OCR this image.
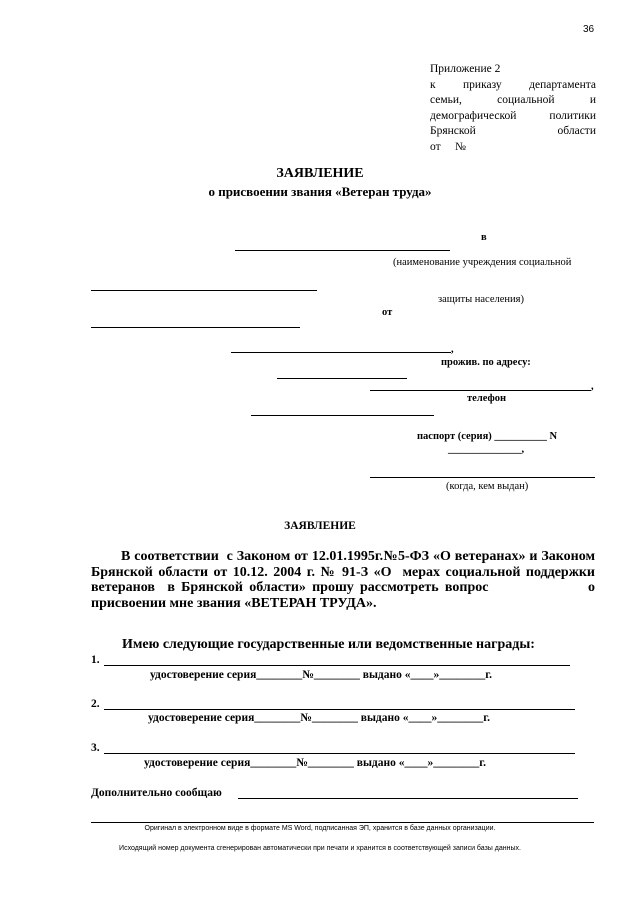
36
Приложение 2
к приказу департамента
семьи,	социальной	и
демографической	политики
Брянской	области
от     №
ЗАЯВЛЕНИЕ
о присвоении звания «Ветеран труда»
в
(наименование учреждения социальной
защиты населения)
от
,
прожив. по адресу:
,
телефон
паспорт (серия) __________ N
______________,
(когда, кем выдан)
ЗАЯВЛЕНИЕ
В соответствии  с Законом от 12.01.1995г.№5-ФЗ «О ветеранах» и Законом Брянской области от 10.12. 2004 г. № 91-З «О  мерах социальной поддержки ветеранов  в Брянской области» прошу рассмотреть вопрос                о присвоении мне звания «ВЕТЕРАН ТРУДА».
Имею следующие государственные или ведомственные награды:
1.
удостоверение серия________№________ выдано «____»________г.
2.
удостоверение серия________№________ выдано «____»________г.
3.
удостоверение серия________№________ выдано «____»________г.
Дополнительно сообщаю
Оригинал в электронном виде в формате MS Word, подписанная ЭП, хранится в базе данных организации.
Исходящий номер документа сгенерирован автоматически при печати и хранится в соответствующей записи базы данных.
